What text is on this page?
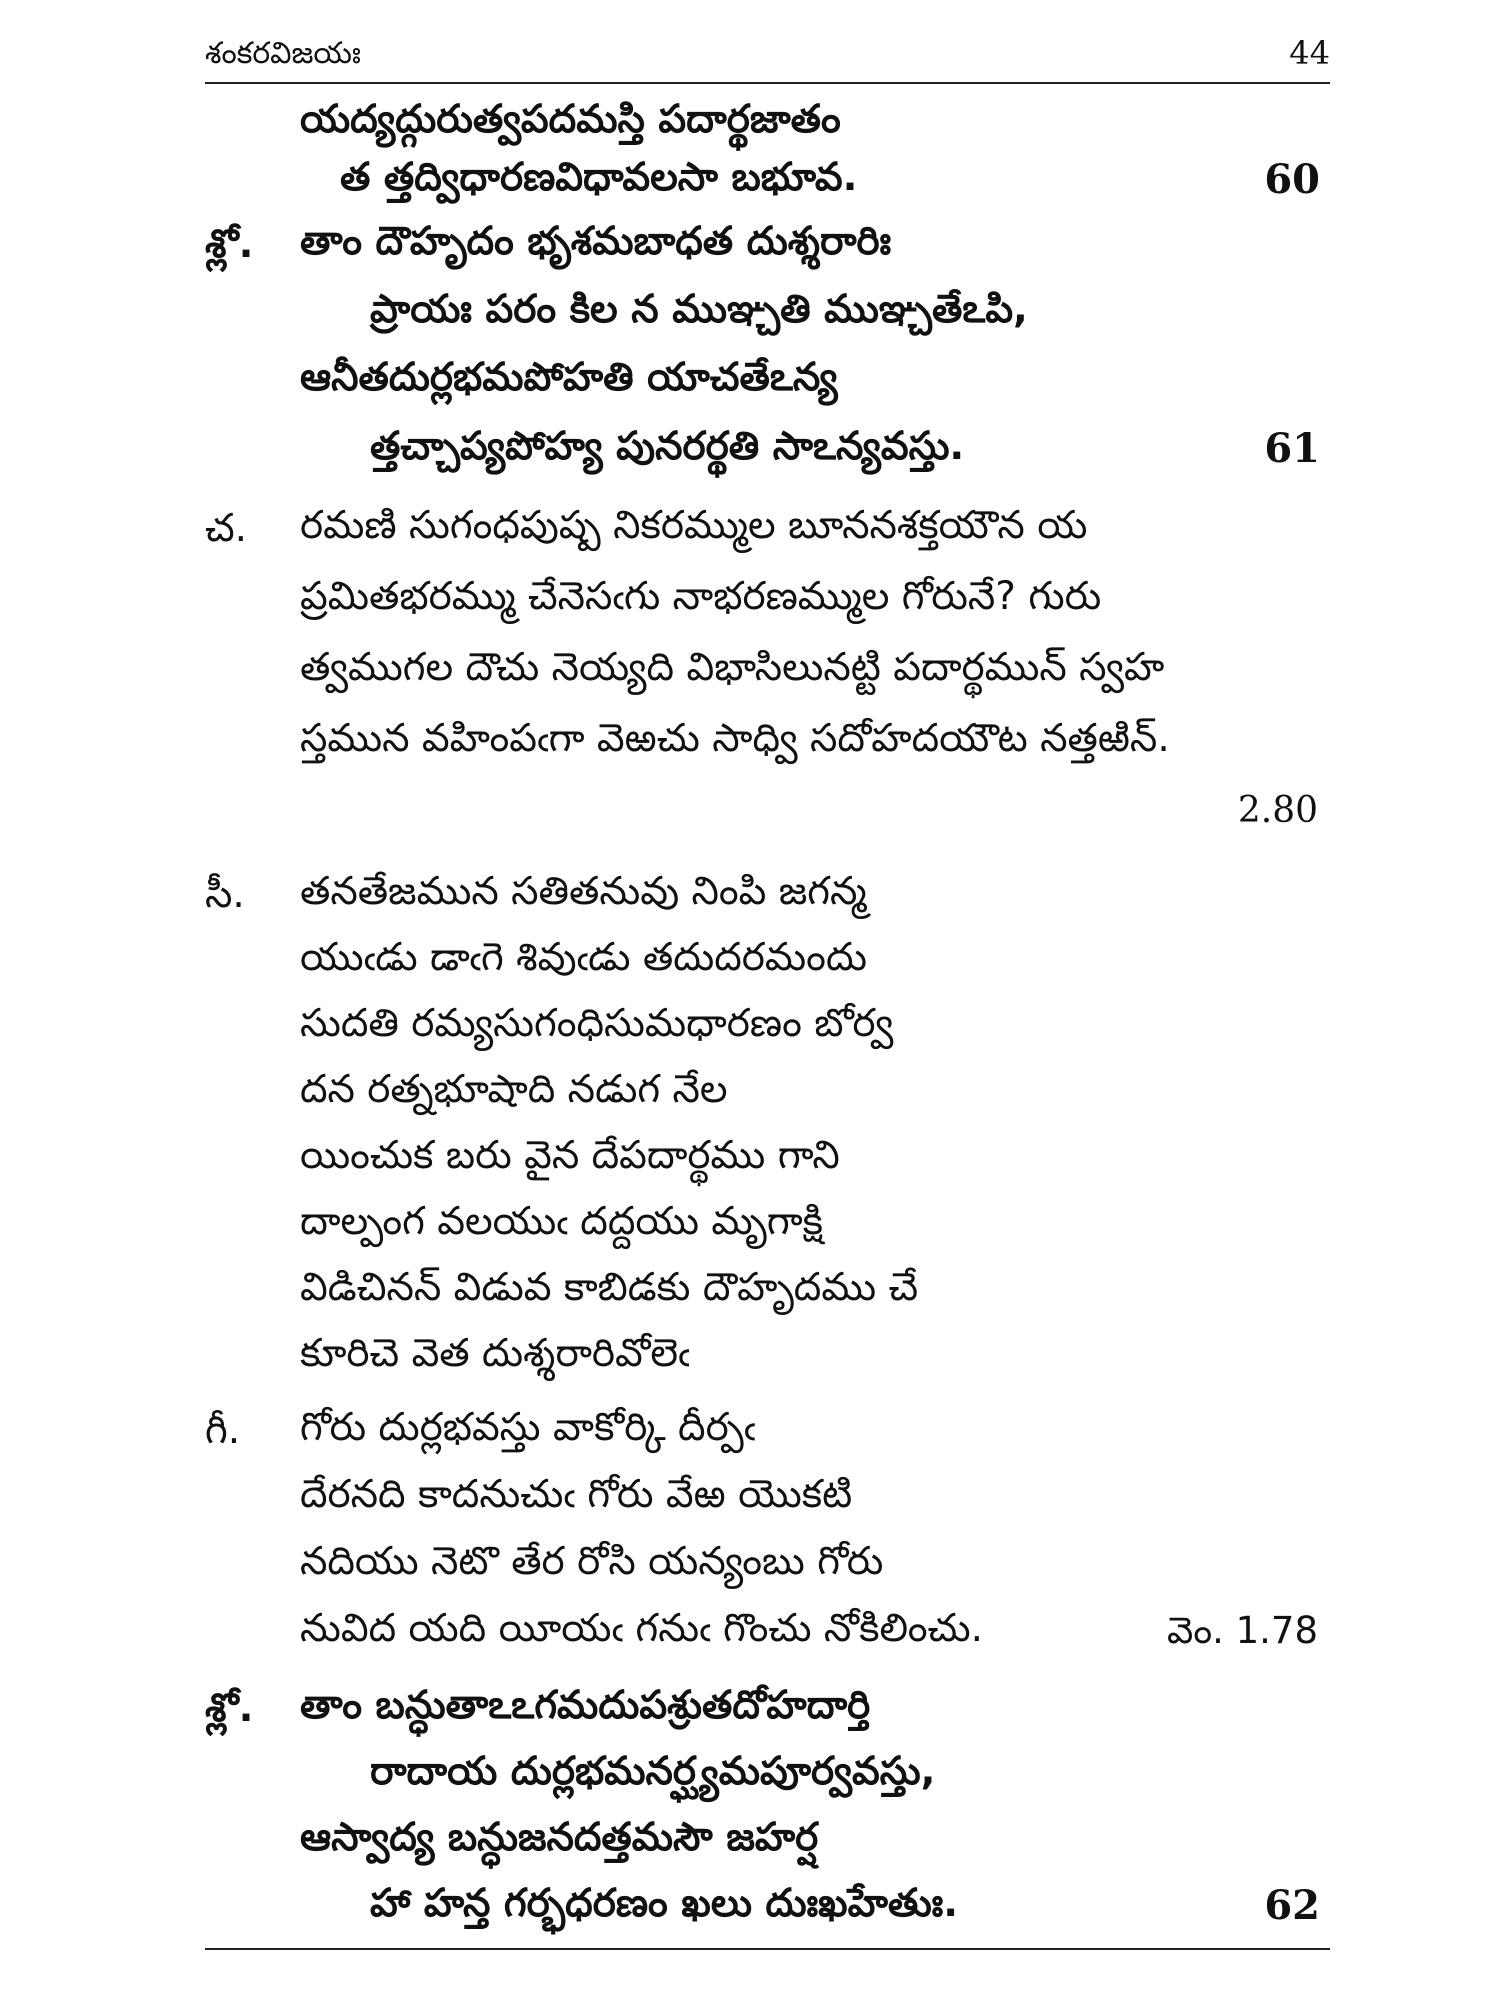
శంకరవిజయః	44
యద్యద్గురుత్వపదమస్తి పదార్థజాతం
త త్తద్విధారణవిధావలసా బభూవ.	60
శ్లో. తాం దౌహృదం భృశమబాధత దుశ్శరారిః
ప్రాయః పరం కిల న ముఞ్చతి ముఞ్చతేఽపి,
ఆనీతదుర్లభమపోహతి యాచతేఽన్య
త్తచ్చాప్యపోహ్య పునరర్థతి సాఽన్యవస్తు.	61
చ. రమణి సుగంధపుష్ప నికరమ్ముల బూననశక్తయౌన య
ప్రమితభరమ్ము చేనెసఁగు నాభరణమ్ముల గోరునే? గురు
త్వముగల దౌచు నెయ్యది విభాసిలునట్టి పదార్థమున్ స్వహ
స్తమున వహింపఁగా వెఱచు సాధ్వి సదోహదయౌట నత్తఱిన్.
2.80
సీ. తనతేజమున సతితనువు నింపి జగన్మ
యుఁడు డాఁగె శివుఁడు తదుదరమందు
సుదతి రమ్యసుగంధిసుమధారణం బోర్వ
దన రత్నభూషాది నడుగ నేల
యించుక బరు వైన దేపదార్థము గాని
దాల్పంగ వలయుఁ దద్దయు మృగాక్షి
విడిచినన్ విడువ కాబిడకు దౌహృదము చే
కూరిచె వెత దుశ్శరారివోలెఁ
గీ. గోరు దుర్లభవస్తు వాకోర్కి దీర్పఁ
దేరనది కాదనుచుఁ గోరు వేఱ యొకటి
నదియు నెటొ తేర రోసి యన్యంబు గోరు
నువిద యది యీయఁ గనుఁ గొంచు నోకిలించు.	వెం. 1.78
శ్లో. తాం బన్ధుతాఽఽగమదుపశ్రుతదోహదార్తి
రాదాయ దుర్లభమనర్ఘ్యమపూర్వవస్తు,
ఆస్వాద్య బన్ధుజనదత్తమసౌ జహర్ష
హా హన్త గర్భధరణం ఖలు దుఃఖహేతుః.	62
